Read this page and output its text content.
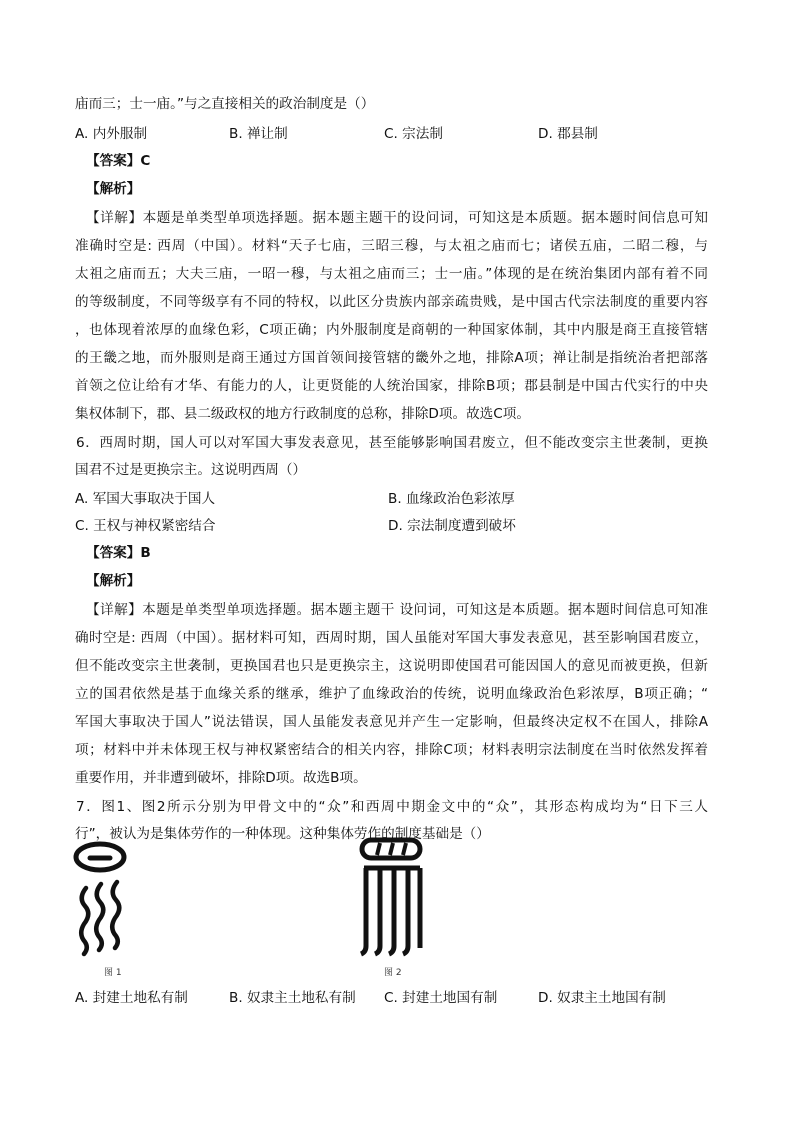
庙而三；士一庙。”与之直接相关的政治制度是（）
A. 内外服制	B. 禅让制	C. 宗法制	D. 郡县制
【答案】C
【解析】
【详解】本题是单类型单项选择题。据本题主题干的设问词，可知这是本质题。据本题时间信息可知
准确时空是: 西周（中国）。材料“天子七庙，三昭三穆，与太祖之庙而七；诸侯五庙，二昭二穆，与
太祖之庙而五；大夫三庙，一昭一穆，与太祖之庙而三；士一庙。”体现的是在统治集团内部有着不同
的等级制度，不同等级享有不同的特权，以此区分贵族内部亲疏贵贱，是中国古代宗法制度的重要内容
，也体现着浓厚的血缘色彩，C项正确；内外服制度是商朝的一种国家体制，其中内服是商王直接管辖
的王畿之地，而外服则是商王通过方国首领间接管辖的畿外之地，排除A项；禅让制是指统治者把部落
首领之位让给有才华、有能力的人，让更贤能的人统治国家，排除B项；郡县制是中国古代实行的中央
集权体制下，郡、县二级政权的地方行政制度的总称，排除D项。故选C项。
6．西周时期，国人可以对军国大事发表意见，甚至能够影响国君废立，但不能改变宗主世袭制，更换
国君不过是更换宗主。这说明西周（）
A. 军国大事取决于国人	B. 血缘政治色彩浓厚
C. 王权与神权紧密结合	D. 宗法制度遭到破坏
【答案】B
【解析】
【详解】本题是单类型单项选择题。据本题主题干 设问词，可知这是本质题。据本题时间信息可知准
确时空是: 西周（中国）。据材料可知，西周时期，国人虽能对军国大事发表意见，甚至影响国君废立，
但不能改变宗主世袭制，更换国君也只是更换宗主，这说明即使国君可能因国人的意见而被更换，但新
立的国君依然是基于血缘关系的继承，维护了血缘政治的传统，说明血缘政治色彩浓厚，B项正确；“
军国大事取决于国人”说法错误，国人虽能发表意见并产生一定影响，但最终决定权不在国人，排除A
项；材料中并未体现王权与神权紧密结合的相关内容，排除C项；材料表明宗法制度在当时依然发挥着
重要作用，并非遭到破坏，排除D项。故选B项。
7．图1、图2所示分别为甲骨文中的“众”和西周中期金文中的“众”，其形态构成均为“日下三人
行”，被认为是集体劳作的一种体现。这种集体劳作的制度基础是（）
图 1	图 2
A. 封建土地私有制	B. 奴隶主土地私有制 C. 封建土地国有制	D. 奴隶主土地国有制
